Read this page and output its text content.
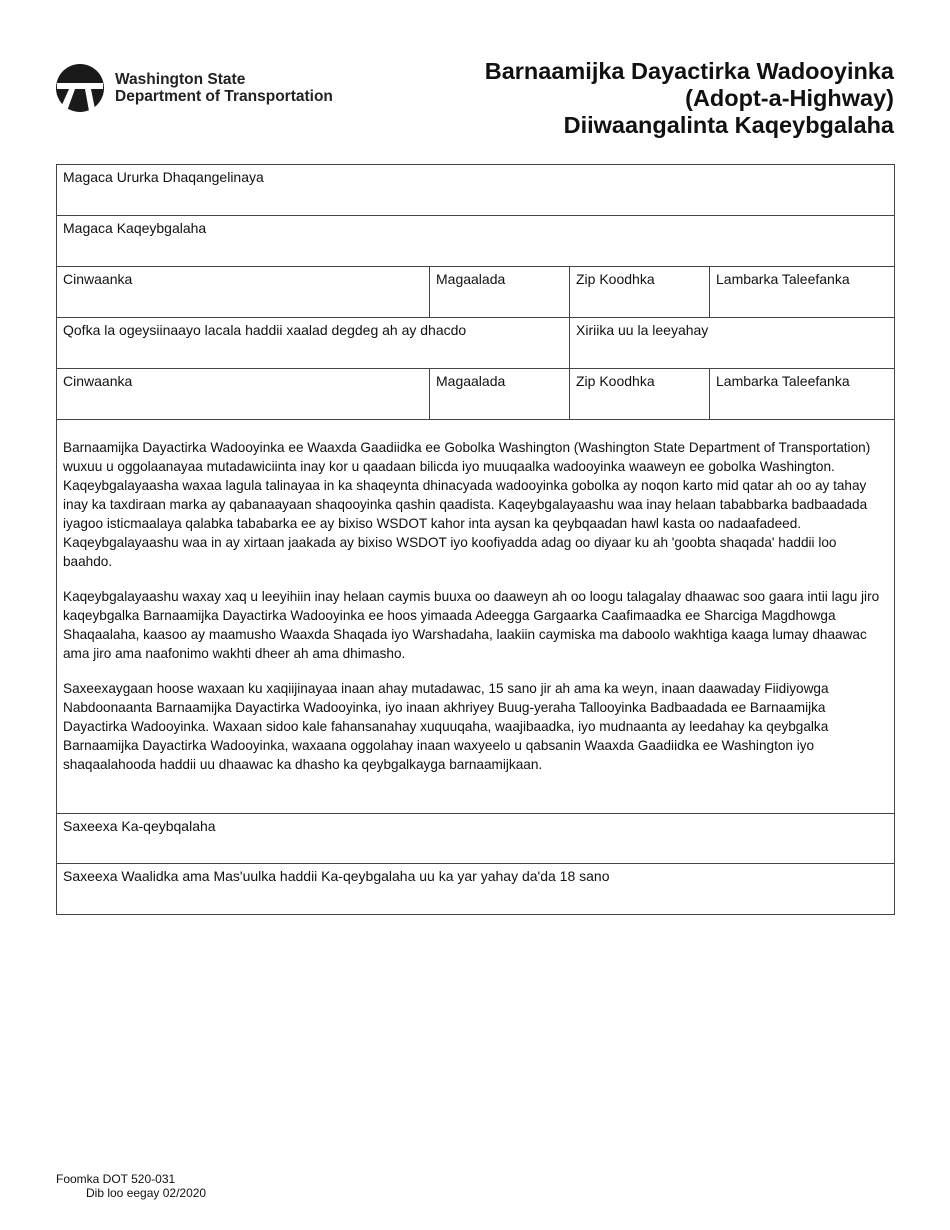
Washington State
Department of Transportation
Barnaamijka Dayactirka Wadooyinka
(Adopt-a-Highway)
Diiwaangalinta Kaqeybgalaha
Magaca Ururka Dhaqangelinaya
Magaca Kaqeybgalaha
Cinwaanka	Magaalada	Zip Koodhka	Lambarka Taleefanka
Qofka la ogeysiinaayo lacala haddii xaalad degdeg ah ay dhacdo	Xiriika uu la leeyahay
Cinwaanka	Magaalada	Zip Koodhka	Lambarka Taleefanka

Barnaamijka Dayactirka Wadooyinka ee Waaxda Gaadiidka ee Gobolka Washington (Washington State Department of Transportation) wuxuu u oggolaanayaa mutadawiciinta inay kor u qaadaan bilicda iyo muuqaalka wadooyinka waaweyn ee gobolka Washington. Kaqeybgalayaasha waxaa lagula talinayaa in ka shaqeynta dhinacyada wadooyinka gobolka ay noqon karto mid qatar ah oo ay tahay inay ka taxdiraan marka ay qabanaayaan shaqooyinka qashin qaadista. Kaqeybgalayaashu waa inay helaan tababbarka badbaadada iyagoo isticmaalaya qalabka tababarka ee ay bixiso WSDOT kahor inta aysan ka qeybqaadan hawl kasta oo nadaafadeed. Kaqeybgalayaashu waa in ay xirtaan jaakada ay bixiso WSDOT iyo koofiyadda adag oo diyaar ku ah 'goobta shaqada' haddii loo baahdo.

Kaqeybgalayaashu waxay xaq u leeyihiin inay helaan caymis buuxa oo daaweyn ah oo loogu talagalay dhaawac soo gaara intii lagu jiro kaqeybgalka Barnaamijka Dayactirka Wadooyinka ee hoos yimaada Adeegga Gargaarka Caafimaadka ee Sharciga Magdhowga Shaqaalaha, kaasoo ay maamusho Waaxda Shaqada iyo Warshadaha, laakiin caymiska ma daboolo wakhtiga kaaga lumay dhaawac ama jiro ama naafonimo wakhti dheer ah ama dhimasho.

Saxeexaygaan hoose waxaan ku xaqiijinayaa inaan ahay mutadawac, 15 sano jir ah ama ka weyn, inaan daawaday Fiidiyowga Nabdoonaanta Barnaamijka Dayactirka Wadooyinka, iyo inaan akhriyey Buug-yeraha Tallooyinka Badbaadada ee Barnaamijka Dayactirka Wadooyinka. Waxaan sidoo kale fahansanahay xuquuqaha, waajibaadka, iyo mudnaanta ay leedahay ka qeybgalka Barnaamijka Dayactirka Wadooyinka, waxaana oggolahay inaan waxyeelo u qabsanin Waaxda Gaadiidka ee Washington iyo shaqaalahooda haddii uu dhaawac ka dhasho ka qeybgalkayga barnaamijkaan.

Saxeexa Ka-qeybqalaha
Saxeexa Waalidka ama Mas'uulka haddii Ka-qeybgalaha uu ka yar yahay da'da 18 sano
Foomka DOT 520-031
Dib loo eegay 02/2020
